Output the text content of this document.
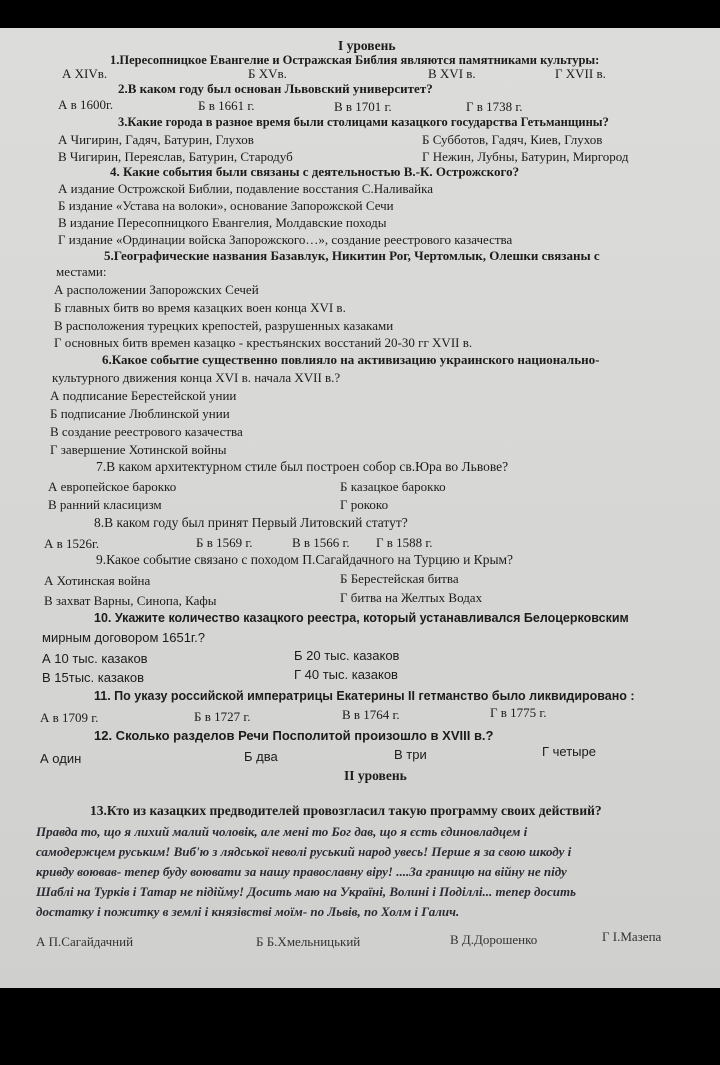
І уровень
1.Пересопницкое Евангелие и Остражская Библия являются памятниками культуры:
А ХІVв.	Б ХVв.	В ХVІ в.	Г ХVІІ в.
2.В каком году был основан Львовский университет?
А в 1600г.	Б в 1661 г.	В в 1701 г.	Г в 1738 г.
3.Какие города в разное время были столицами казацкого государства Гетьманщины?
А Чигирин, Гадяч, Батурин, Глухов	Б Субботов, Гадяч, Киев, Глухов
В Чигирин, Переяслав, Батурин, Стародуб	Г Нежин, Лубны, Батурин, Миргород
4. Какие события были связаны с деятельностью В.-К. Острожского?
А издание Острожской Библии, подавление восстания С.Наливайка
Б издание «Устава на волоки», основание Запорожской Сечи
В издание Пересопницкого Евангелия, Молдавские походы
Г издание «Ординации войска Запорожского…», создание реестрового казачества
5.Географические названия Базавлук, Никитин Рог, Чертомлык, Олешки связаны с
местами:
А расположении Запорожских Сечей
Б главных битв во время казацких воен конца XVI в.
В расположения турецких крепостей, разрушенных казаками
Г основных битв времен казацко - крестьянских восстаний 20-30 гг XVII в.
6.Какое событие существенно повлияло на активизацию украинского национально-
культурного движения конца XVI в. начала XVII в.?
А подписание Берестейской унии
Б подписание Люблинской унии
В создание реестрового казачества
Г завершение Хотинской войны
7.В каком архитектурном стиле был построен собор св.Юра во Львове?
А европейское барокко	Б казацкое барокко
В ранний класицизм	Г рококо
8.В каком году был принят Первый Литовский статут?
А в 1526г.	Б в 1569 г.	В в 1566 г. Г в 1588 г.
9.Какое событие связано с походом П.Сагайдачного на Турцию и Крым?
А Хотинская война	Б Берестейская битва
В захват Варны, Синопа, Кафы	Г битва на Желтых Водах
10. Укажите количество казацкого реестра, который устанавливался Белоцерковским
мирным договором 1651г.?
А 10 тыс. казаков	Б 20 тыс. казаков
В 15тыс. казаков	Г 40 тыс. казаков
11. По указу российской императрицы Екатерины II гетманство было ликвидировано :
А в 1709 г.	Б в 1727 г.	В в 1764 г.	Г в 1775 г.
12. Сколько разделов Речи Посполитой произошло в XVIII в.?
А один	Б два	В три	Г четыре
ІІ уровень
13.Кто из казацких предводителей провозгласил такую программу своих действий?
Правда то, що я лихий малий чоловік, але мені то Бог дав, що я єсть єдиновладцем і
самодержцем руським! Виб'ю з лядської неволі руський народ увесь! Перше я за свою шкоду і
кривду воював- тепер буду воювати за нашу православну віру! ....За границю на війну не піду
Шаблі на Турків і Татар не підійму! Досить маю на Україні, Волині і Поділлі... тепер досить
достатку і пожитку в землі і князівстві моїм- по Львів, по Холм і Галич.
А П.Сагайдачний	Б Б.Хмельницький	В Д.Дорошенко	Г І.Мазепа
